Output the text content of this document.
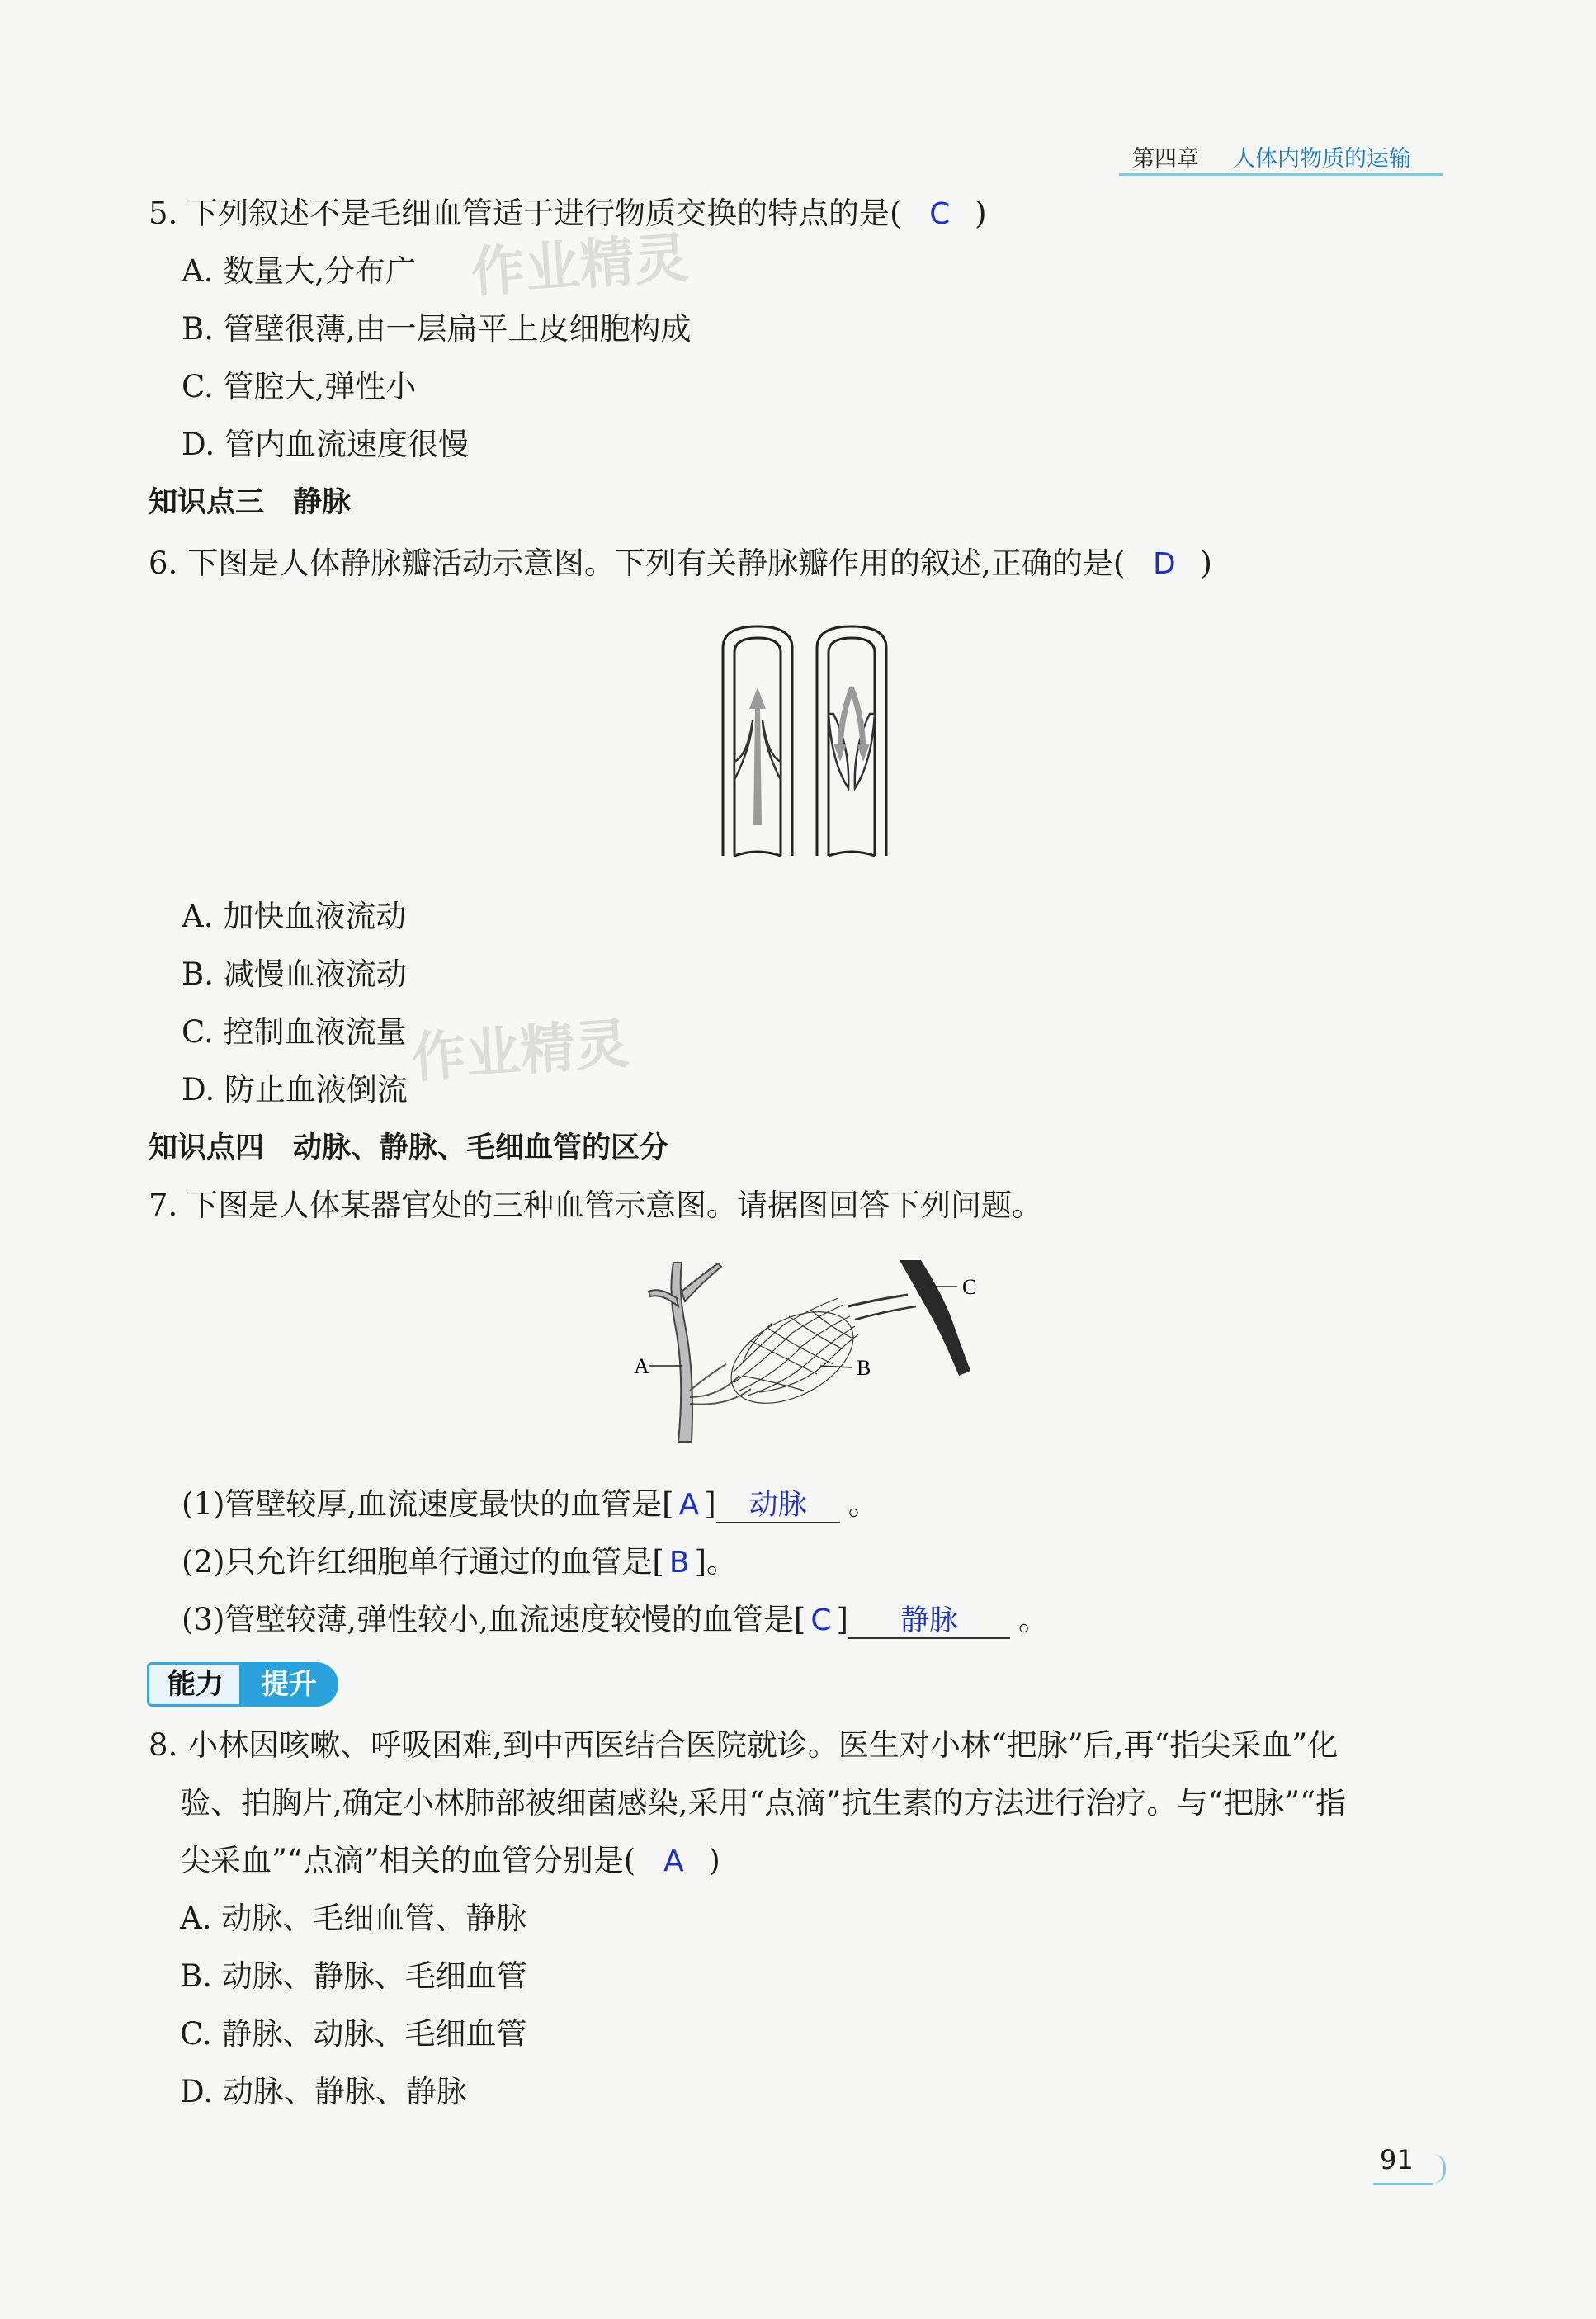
第四章 人体内物质的运输
作业精灵
作业精灵
5. 下列叙述不是毛细血管适于进行物质交换的特点的是( C )
A. 数量大,分布广
B. 管壁很薄,由一层扁平上皮细胞构成
C. 管腔大,弹性小
D. 管内血流速度很慢
知识点三　静脉
6. 下图是人体静脉瓣活动示意图。下列有关静脉瓣作用的叙述,正确的是( D )
A. 加快血液流动
B. 减慢血液流动
C. 控制血液流量
D. 防止血液倒流
知识点四　动脉、静脉、毛细血管的区分
7. 下图是人体某器官处的三种血管示意图。请据图回答下列问题。
A	B
C
(1)管壁较厚,血流速度最快的血管是[ A ] 动脉 。
(2)只允许红细胞单行通过的血管是[ B ]。
(3)管壁较薄,弹性较小,血流速度较慢的血管是[ C ] 静脉 。
能力	提升
8. 小林因咳嗽、呼吸困难,到中西医结合医院就诊。医生对小林“把脉”后,再“指尖采血”化
验、拍胸片,确定小林肺部被细菌感染,采用“点滴”抗生素的方法进行治疗。与“把脉”“指
尖采血”“点滴”相关的血管分别是( A )
A. 动脉、毛细血管、静脉
B. 动脉、静脉、毛细血管
C. 静脉、动脉、毛细血管
D. 动脉、静脉、静脉
91
